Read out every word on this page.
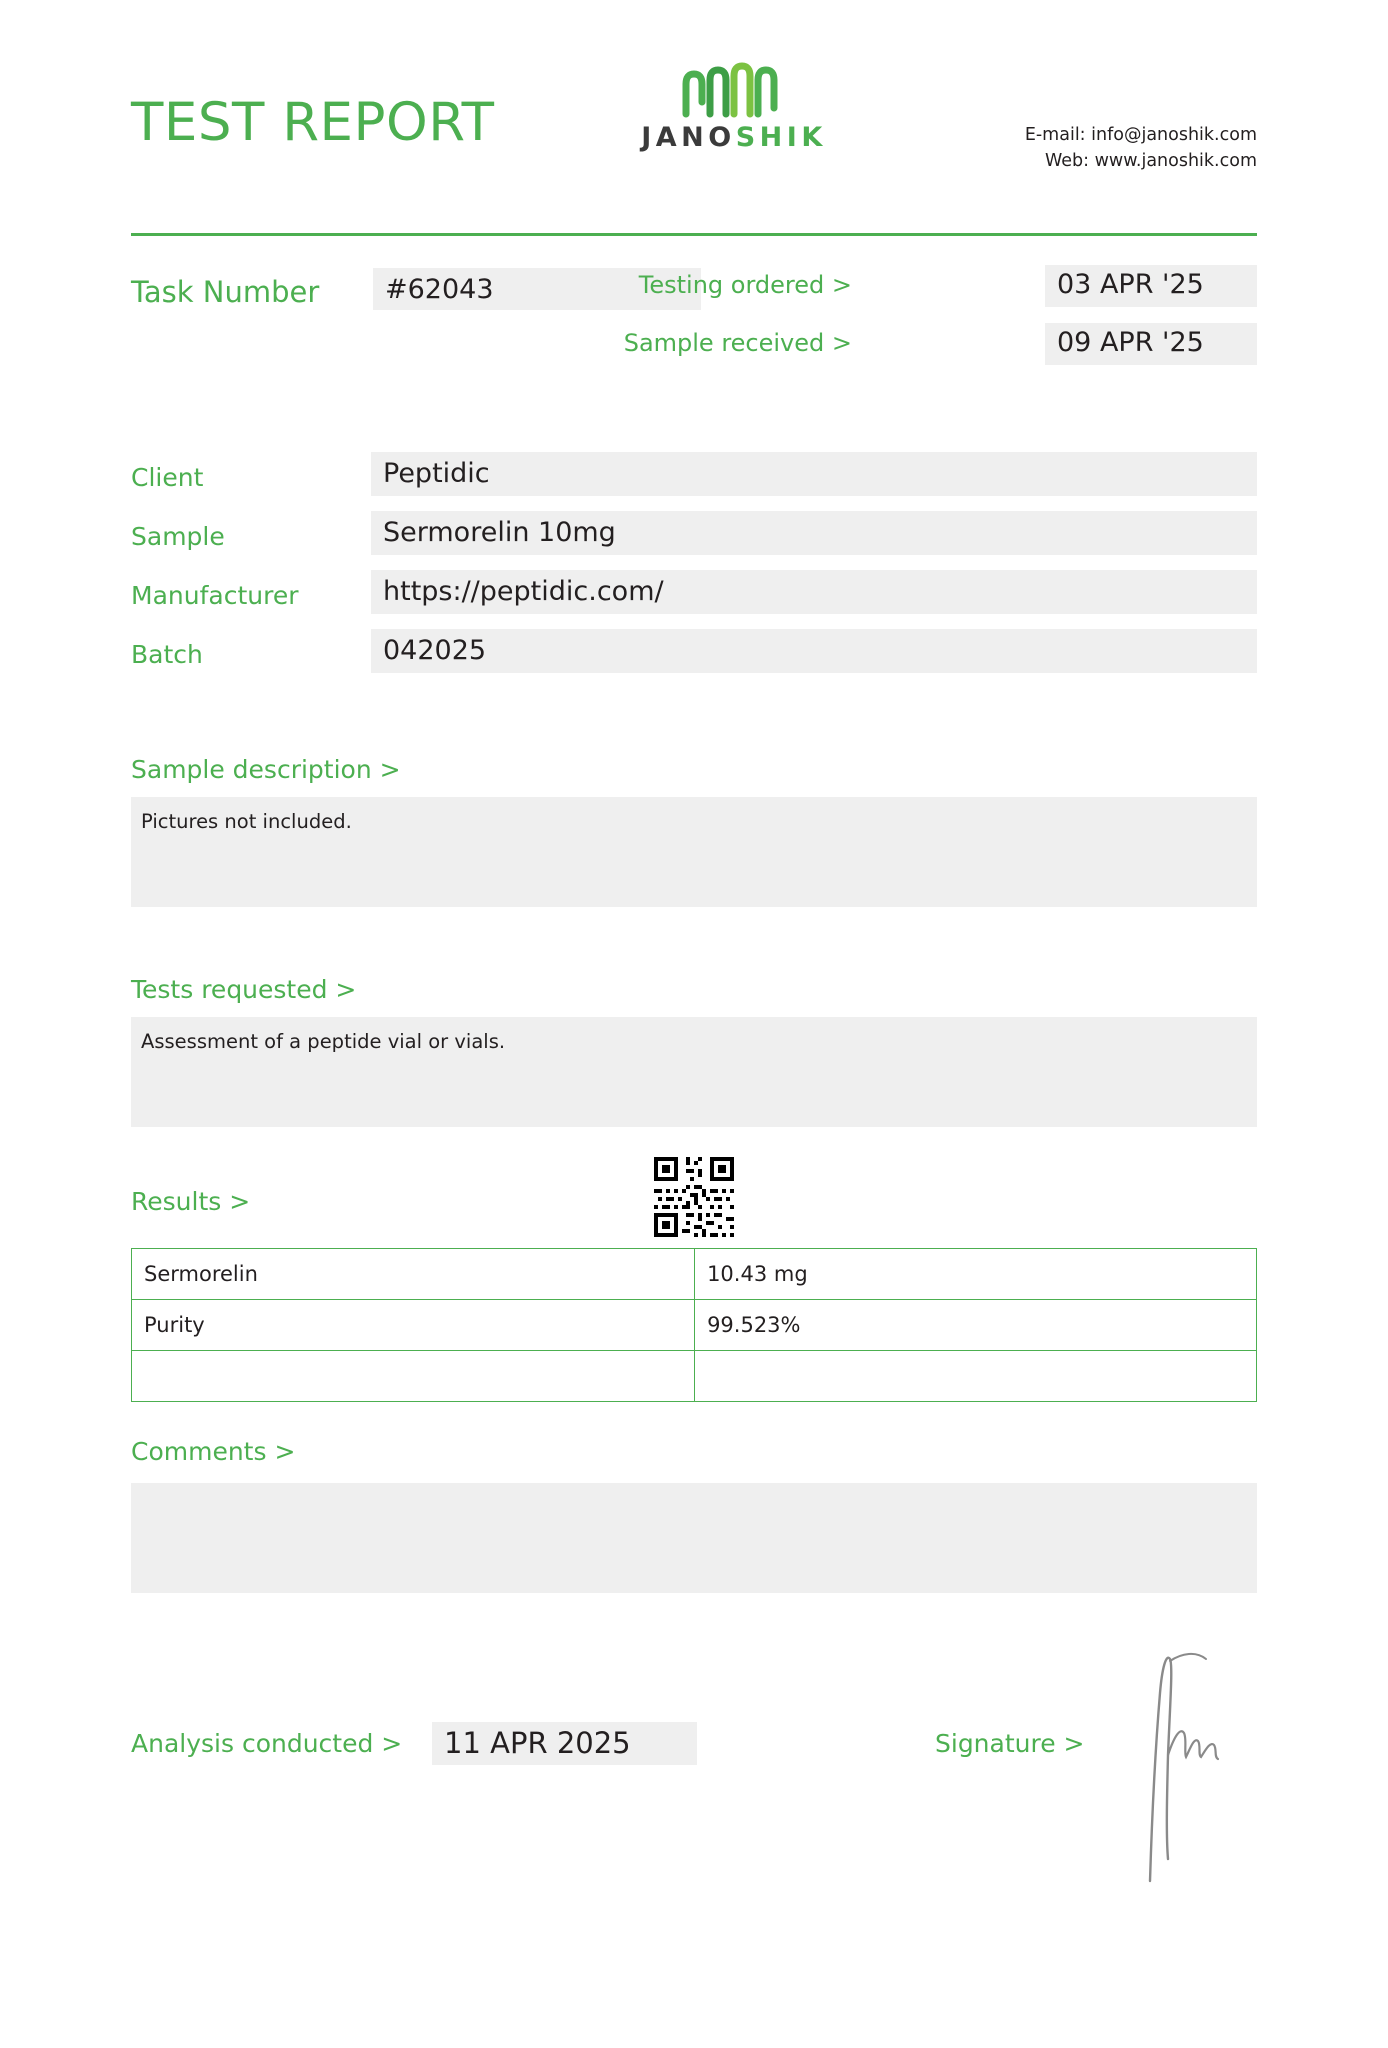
TEST REPORT	JANOSHIK	E-mail: info@janoshik.com
Web: www.janoshik.com
Task Number	#62043	Testing ordered >	03 APR '25
Sample received >	09 APR '25
Client	Peptidic
Sample	Sermorelin 10mg
Manufacturer	https://peptidic.com/
Batch	042025
Sample description >
Pictures not included.
Tests requested >
Assessment of a peptide vial or vials.
Results >
Sermorelin	10.43 mg
Purity	99.523%

Comments >
Analysis conducted >	11 APR 2025	Signature >
